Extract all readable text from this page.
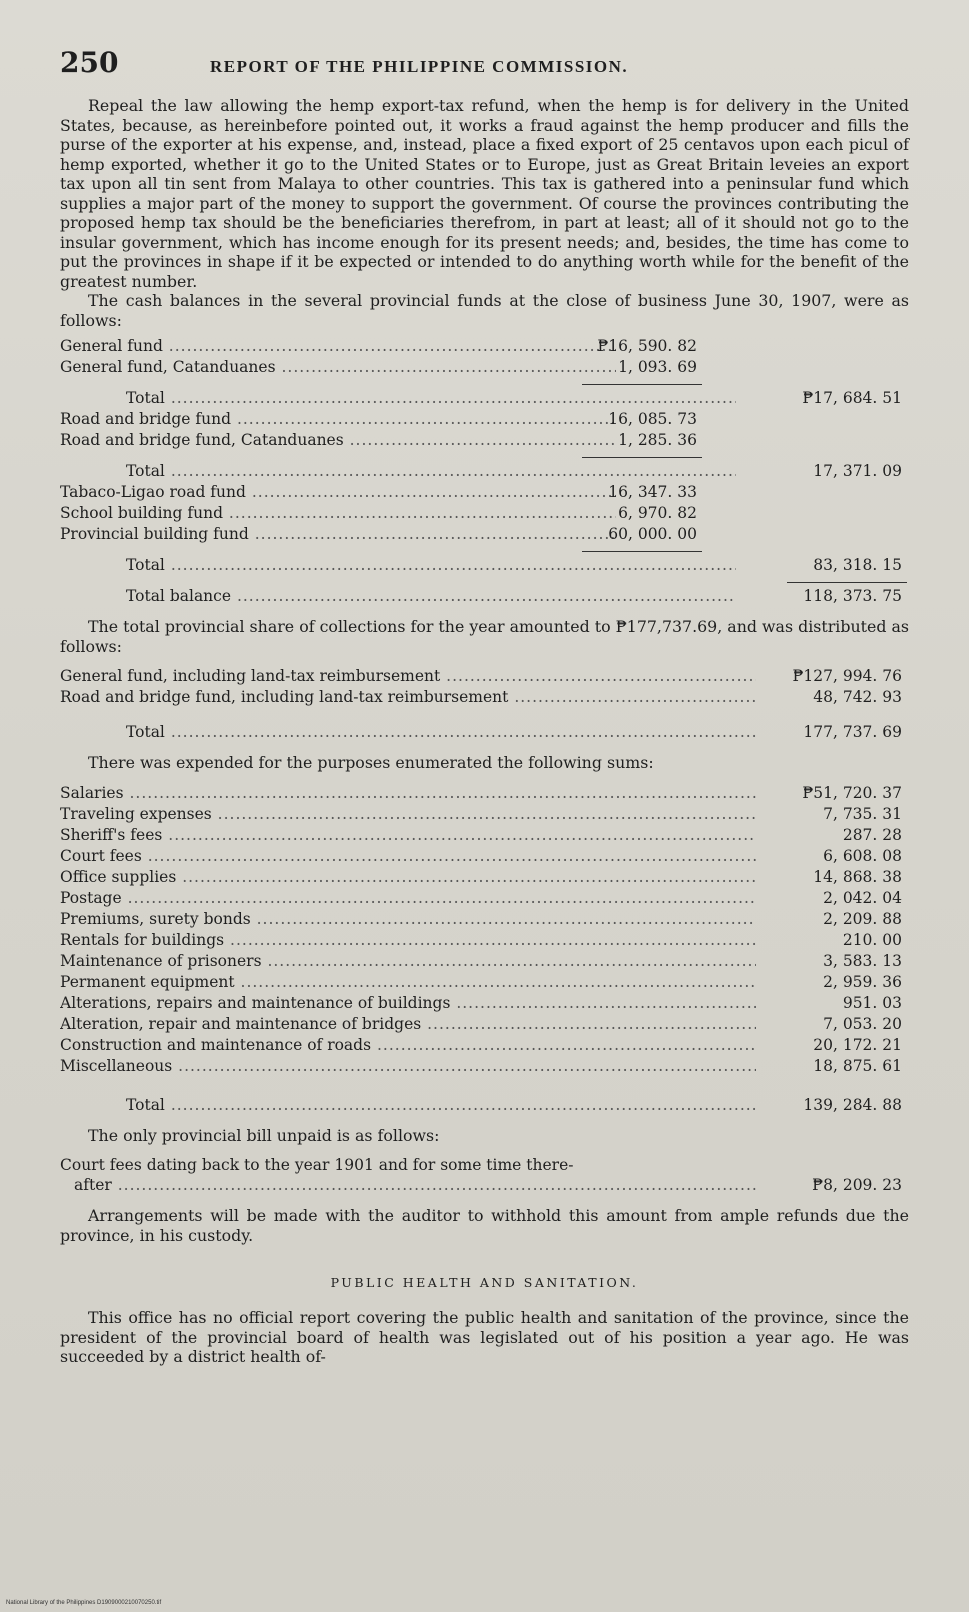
250	REPORT OF THE PHILIPPINE COMMISSION.

Repeal the law allowing the hemp export-tax refund, when the hemp is for delivery in the United States, because, as hereinbefore pointed out, it works a fraud against the hemp producer and fills the purse of the exporter at his expense, and, instead, place a fixed export of 25 centavos upon each picul of hemp exported, whether it go to the United States or to Europe, just as Great Britain leveies an export tax upon all tin sent from Malaya to other countries. This tax is gathered into a peninsular fund which supplies a major part of the money to support the government. Of course the provinces contributing the proposed hemp tax should be the beneficiaries therefrom, in part at least; all of it should not go to the insular government, which has income enough for its present needs; and, besides, the time has come to put the provinces in shape if it be expected or intended to do anything worth while for the benefit of the greatest number.

The cash balances in the several provincial funds at the close of business June 30, 1907, were as follows:

General fund .....	₱16, 590. 82
General fund, Catanduanes .....	1, 093. 69
Total .....	₱17, 684. 51
Road and bridge fund .....	16, 085. 73
Road and bridge fund, Catanduanes .....	1, 285. 36
Total .....	17, 371. 09
Tabaco-Ligao road fund .....	16, 347. 33
School building fund .....	6, 970. 82
Provincial building fund .....	60, 000. 00
Total .....	83, 318. 15
Total balance .....	118, 373. 75

The total provincial share of collections for the year amounted to ₱177,737.69, and was distributed as follows:

General fund, including land-tax reimbursement .....	₱127, 994. 76
Road and bridge fund, including land-tax reimbursement .....	48, 742. 93
Total .....	177, 737. 69

There was expended for the purposes enumerated the following sums:

Salaries .....	₱51, 720. 37
Traveling expenses .....	7, 735. 31
Sheriff's fees .....	287. 28
Court fees .....	6, 608. 08
Office supplies .....	14, 868. 38
Postage .....	2, 042. 04
Premiums, surety bonds .....	2, 209. 88
Rentals for buildings .....	210. 00
Maintenance of prisoners .....	3, 583. 13
Permanent equipment .....	2, 959. 36
Alterations, repairs and maintenance of buildings .....	951. 03
Alteration, repair and maintenance of bridges .....	7, 053. 20
Construction and maintenance of roads .....	20, 172. 21
Miscellaneous .....	18, 875. 61
Total .....	139, 284. 88

The only provincial bill unpaid is as follows:

Court fees dating back to the year 1901 and for some time there-
after .....	₱8, 209. 23

Arrangements will be made with the auditor to withhold this amount from ample refunds due the province, in his custody.

PUBLIC HEALTH AND SANITATION.

This office has no official report covering the public health and sanitation of the province, since the president of the provincial board of health was legislated out of his position a year ago. He was succeeded by a district health of-

National Library of the Philippines D1909000210070250.tif
